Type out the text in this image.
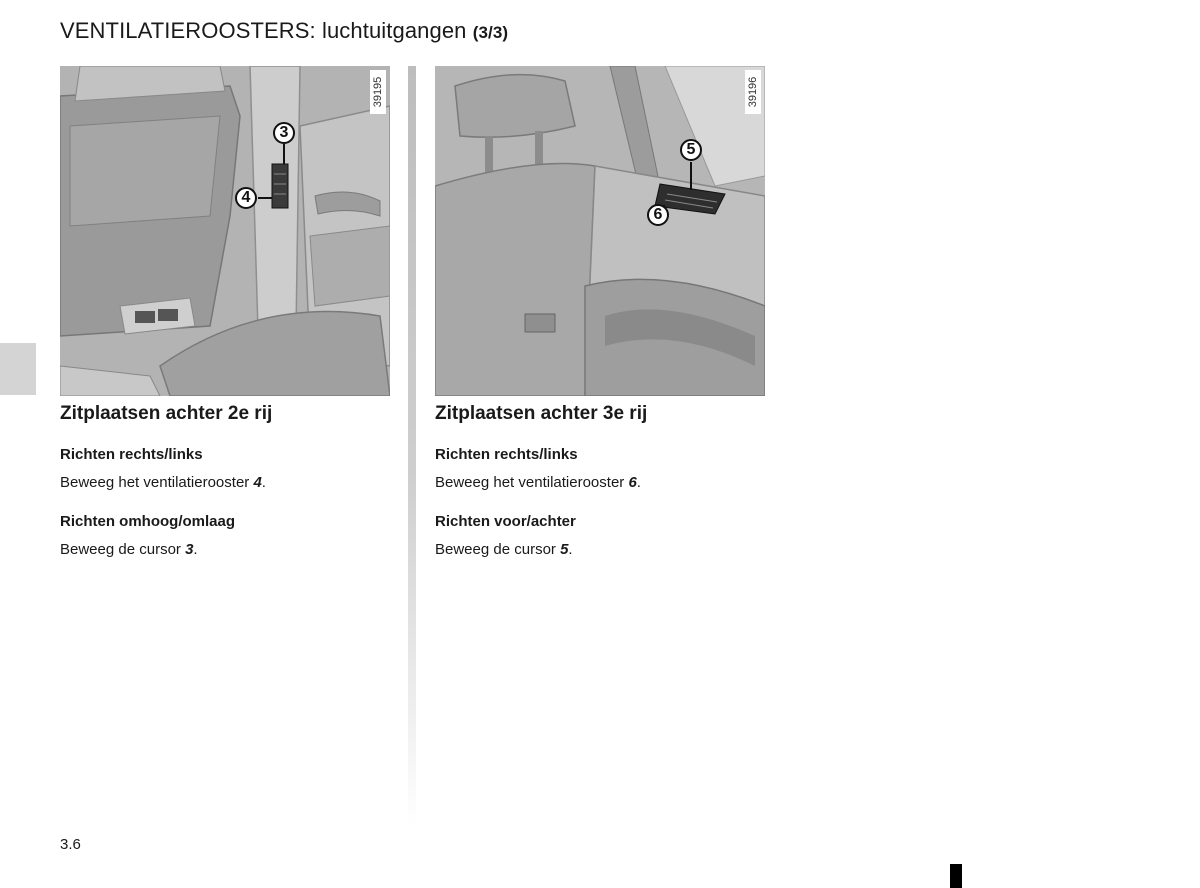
VENTILATIEROOSTERS: luchtuitgangen (3/3)
39195
3
4
Zitplaatsen achter 2e rij

Richten rechts/links

Beweeg het ventilatierooster 4.

Richten omhoog/omlaag

Beweeg de cursor 3.

39196
5
6
Zitplaatsen achter 3e rij

Richten rechts/links

Beweeg het ventilatierooster 6.

Richten voor/achter

Beweeg de cursor 5.

3.6
